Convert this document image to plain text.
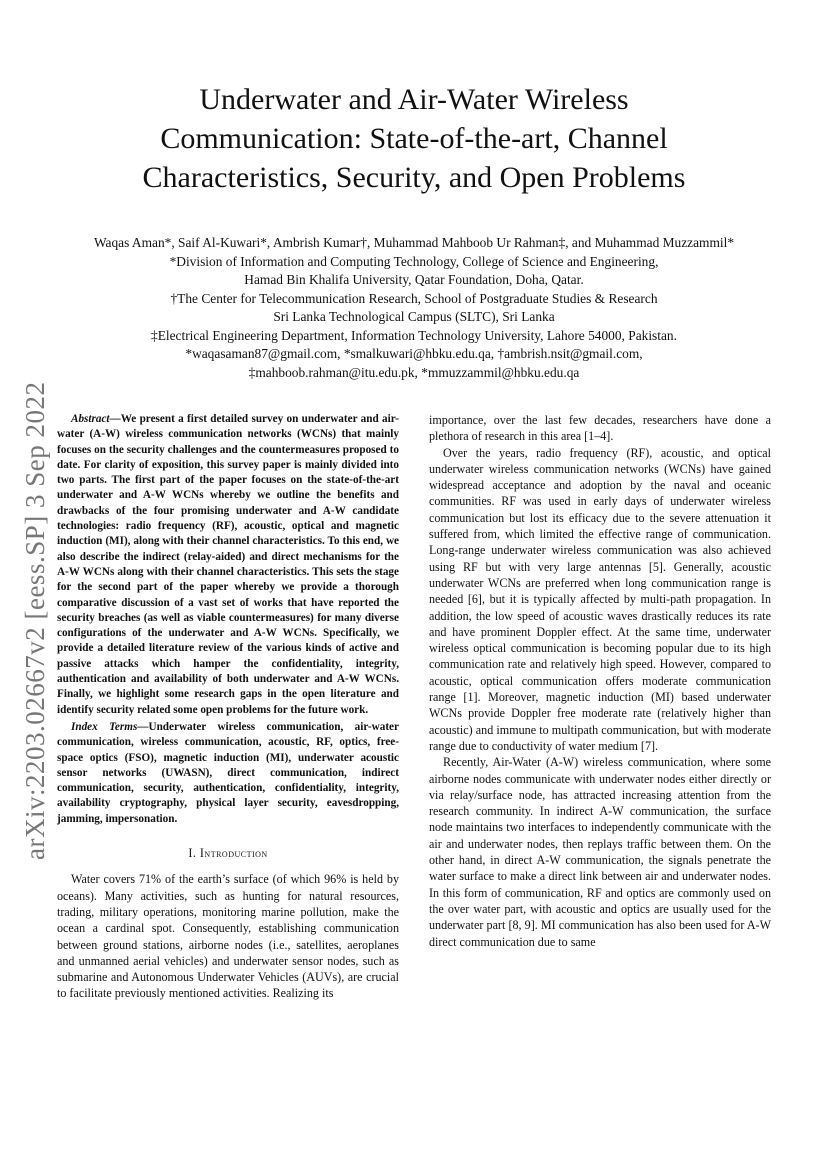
arXiv:2203.02667v2 [eess.SP] 3 Sep 2022
Underwater and Air-Water Wireless
Communication: State-of-the-art, Channel
Characteristics, Security, and Open Problems
Waqas Aman*, Saif Al-Kuwari*, Ambrish Kumar†, Muhammad Mahboob Ur Rahman‡, and Muhammad Muzzammil*
*Division of Information and Computing Technology, College of Science and Engineering,
Hamad Bin Khalifa University, Qatar Foundation, Doha, Qatar.
†The Center for Telecommunication Research, School of Postgraduate Studies & Research
Sri Lanka Technological Campus (SLTC), Sri Lanka
‡Electrical Engineering Department, Information Technology University, Lahore 54000, Pakistan.
*waqasaman87@gmail.com, *smalkuwari@hbku.edu.qa, †ambrish.nsit@gmail.com,
‡mahboob.rahman@itu.edu.pk, *mmuzzammil@hbku.edu.qa

Abstract—We present a first detailed survey on underwater and air-water (A-W) wireless communication networks (WCNs) that mainly focuses on the security challenges and the countermeasures proposed to date. For clarity of exposition, this survey paper is mainly divided into two parts. The first part of the paper focuses on the state-of-the-art underwater and A-W WCNs whereby we outline the benefits and drawbacks of the four promising underwater and A-W candidate technologies: radio frequency (RF), acoustic, optical and magnetic induction (MI), along with their channel characteristics. To this end, we also describe the indirect (relay-aided) and direct mechanisms for the A-W WCNs along with their channel characteristics. This sets the stage for the second part of the paper whereby we provide a thorough comparative discussion of a vast set of works that have reported the security breaches (as well as viable countermeasures) for many diverse configurations of the underwater and A-W WCNs. Specifically, we provide a detailed literature review of the various kinds of active and passive attacks which hamper the confidentiality, integrity, authentication and availability of both underwater and A-W WCNs. Finally, we highlight some research gaps in the open literature and identify security related some open problems for the future work.

Index Terms—Underwater wireless communication, air-water communication, wireless communication, acoustic, RF, optics, free-space optics (FSO), magnetic induction (MI), underwater acoustic sensor networks (UWASN), direct communication, indirect communication, security, authentication, confidentiality, integrity, availability cryptography, physical layer security, eavesdropping, jamming, impersonation.
I. Introduction

Water covers 71% of the earth’s surface (of which 96% is held by oceans). Many activities, such as hunting for natural resources, trading, military operations, monitoring marine pollution, make the ocean a cardinal spot. Consequently, establishing communication between ground stations, airborne nodes (i.e., satellites, aeroplanes and unmanned aerial vehicles) and underwater sensor nodes, such as submarine and Autonomous Underwater Vehicles (AUVs), are crucial to facilitate previously mentioned activities. Realizing its

importance, over the last few decades, researchers have done a plethora of research in this area [1–4].

Over the years, radio frequency (RF), acoustic, and optical underwater wireless communication networks (WCNs) have gained widespread acceptance and adoption by the naval and oceanic communities. RF was used in early days of underwater wireless communication but lost its efficacy due to the severe attenuation it suffered from, which limited the effective range of communication. Long-range underwater wireless communication was also achieved using RF but with very large antennas [5]. Generally, acoustic underwater WCNs are preferred when long communication range is needed [6], but it is typically affected by multi-path propagation. In addition, the low speed of acoustic waves drastically reduces its rate and have prominent Doppler effect. At the same time, underwater wireless optical communication is becoming popular due to its high communication rate and relatively high speed. However, compared to acoustic, optical communication offers moderate communication range [1]. Moreover, magnetic induction (MI) based underwater WCNs provide Doppler free moderate rate (relatively higher than acoustic) and immune to multipath communication, but with moderate range due to conductivity of water medium [7].

Recently, Air-Water (A-W) wireless communication, where some airborne nodes communicate with underwater nodes either directly or via relay/surface node, has attracted increasing attention from the research community. In indirect A-W communication, the surface node maintains two interfaces to independently communicate with the air and underwater nodes, then replays traffic between them. On the other hand, in direct A-W communication, the signals penetrate the water surface to make a direct link between air and underwater nodes. In this form of communication, RF and optics are commonly used on the over water part, with acoustic and optics are usually used for the underwater part [8, 9]. MI communication has also been used for A-W direct communication due to same
